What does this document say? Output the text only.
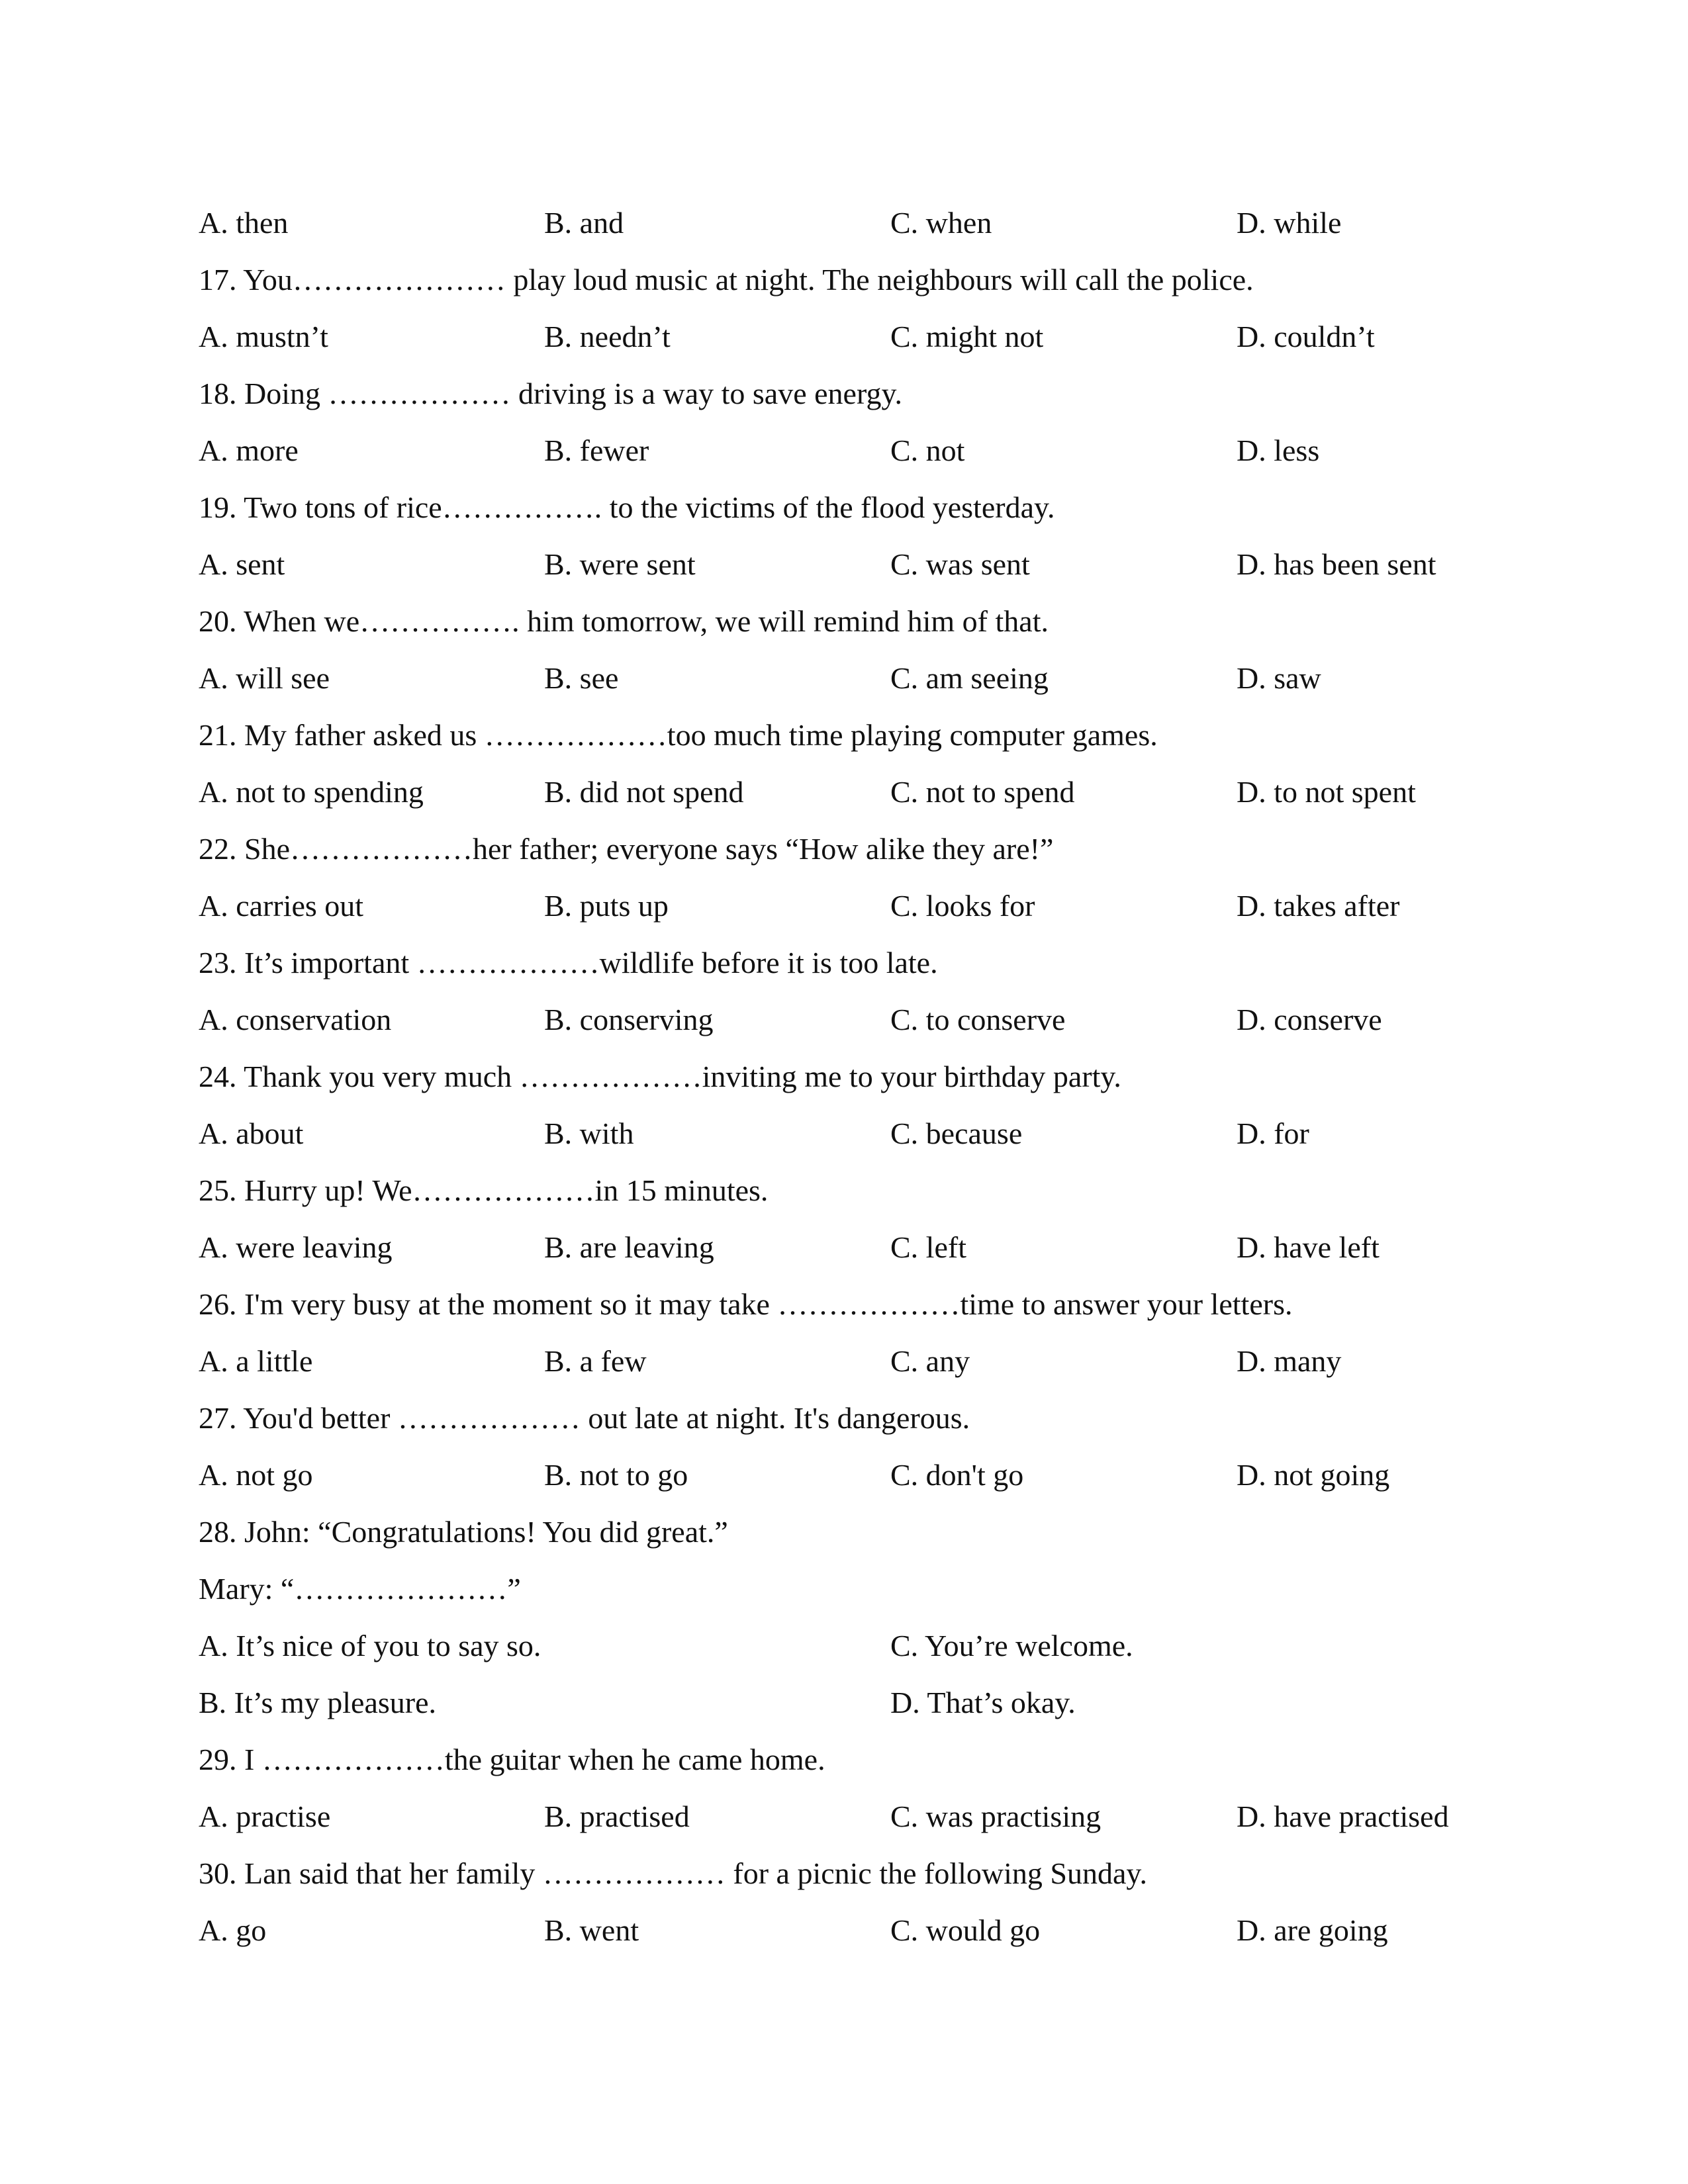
A. then	B. and	C. when	D. while
17. You………………… play loud music at night. The neighbours will call the police.
A. mustn’t	B. needn’t	C. might not	D. couldn’t
18. Doing ……………… driving is a way to save energy.
A. more	B. fewer	C. not	D. less
19. Two tons of rice……………. to the victims of the flood yesterday.
A. sent	B. were sent	C. was sent	D. has been sent
20. When we……………. him tomorrow, we will remind him of that.
A. will see	B. see	C. am seeing	D. saw
21. My father asked us ………………too much time playing computer games.
A. not to spending	B. did not spend	C. not to spend	D. to not spent
22. She………………her father; everyone says “How alike they are!”
A. carries out	B. puts up	C. looks for	D. takes after
23. It’s important ………………wildlife before it is too late.
A. conservation	B. conserving	C. to conserve	D. conserve
24. Thank you very much ………………inviting me to your birthday party.
A. about	B. with	C. because	D. for
25. Hurry up! We………………in 15 minutes.
A. were leaving	B. are leaving	C. left	D. have left
26. I'm very busy at the moment so it may take ………………time to answer your letters.
A. a little	B. a few	C. any	D. many
27. You'd better ……………… out late at night. It's dangerous.
A. not go	B. not to go	C. don't go	D. not going
28. John: “Congratulations! You did great.”
Mary: “…………………”
A. It’s nice of you to say so.	C. You’re welcome.
B. It’s my pleasure.	D. That’s okay.
29. I ………………the guitar when he came home.
A. practise	B. practised	C. was practising	D. have practised
30. Lan said that her family ……………… for a picnic the following Sunday.
A. go	B. went	C. would go	D. are going
